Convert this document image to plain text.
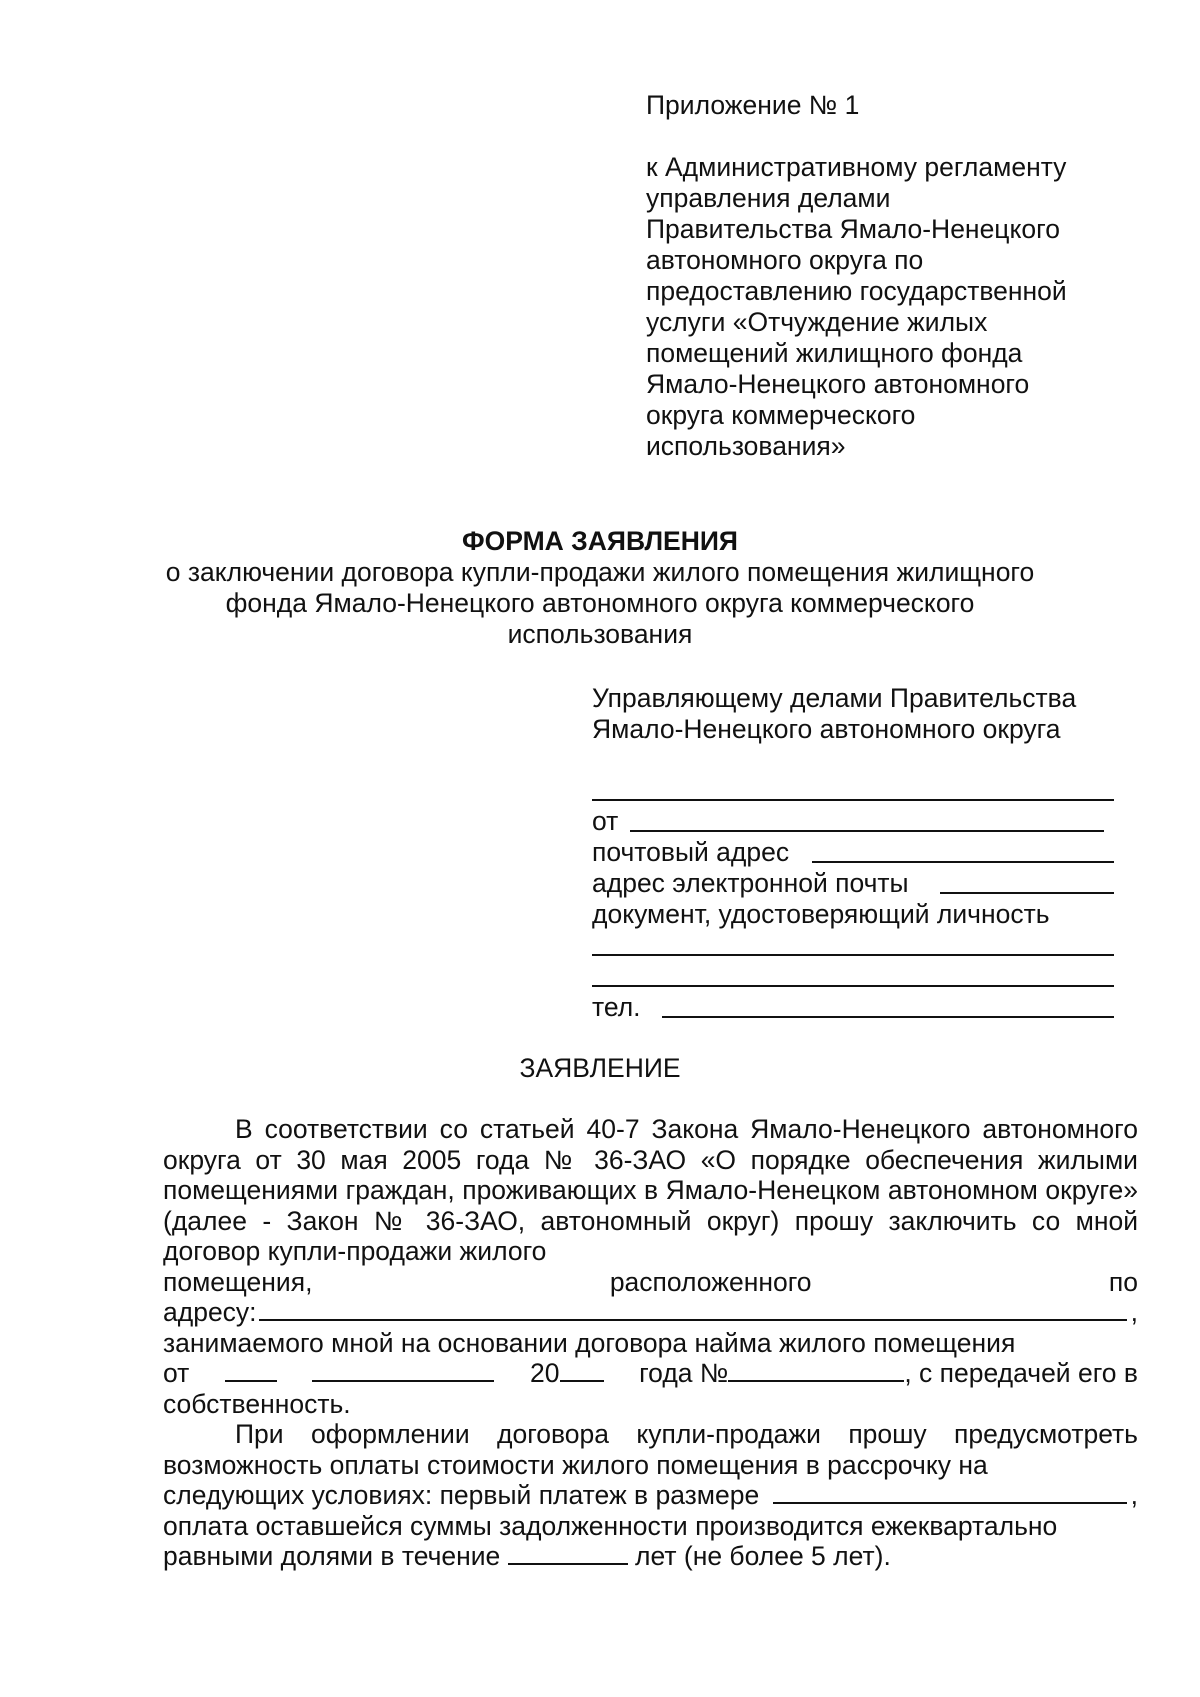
Приложение № 1
к Административному регламенту
управления делами
Правительства Ямало-Ненецкого
автономного округа по
предоставлению государственной
услуги «Отчуждение жилых
помещений жилищного фонда
Ямало-Ненецкого автономного
округа коммерческого
использования»
ФОРМА ЗАЯВЛЕНИЯ
о заключении договора купли-продажи жилого помещения жилищного
фонда Ямало-Ненецкого автономного округа коммерческого
использования
Управляющему делами Правительства
Ямало-Ненецкого автономного округа
от
почтовый адрес
адрес электронной почты
документ, удостоверяющий личность
тел.
ЗАЯВЛЕНИЕ

В соответствии со статьей 40-7 Закона Ямало-Ненецкого автономного округа от 30 мая 2005 года № 36-ЗАО «О порядке обеспечения жилыми помещениями граждан, проживающих в Ямало-Ненецком автономном округе» (далее - Закон № 36-ЗАО, автономный округ) прошу заключить со мной договор купли-продажи жилого

помещения,	расположенного	по
адресу:	,
занимаемого мной на основании договора найма жилого помещения
от	20	года №	, с передачей его в
собственность.

При оформлении договора купли-продажи прошу предусмотреть возможность оплаты стоимости жилого помещения в рассрочку на

следующих условиях: первый платеж в размере	,
оплата оставшейся суммы задолженности производится ежеквартально
равными долями в течение	лет (не более 5 лет).
